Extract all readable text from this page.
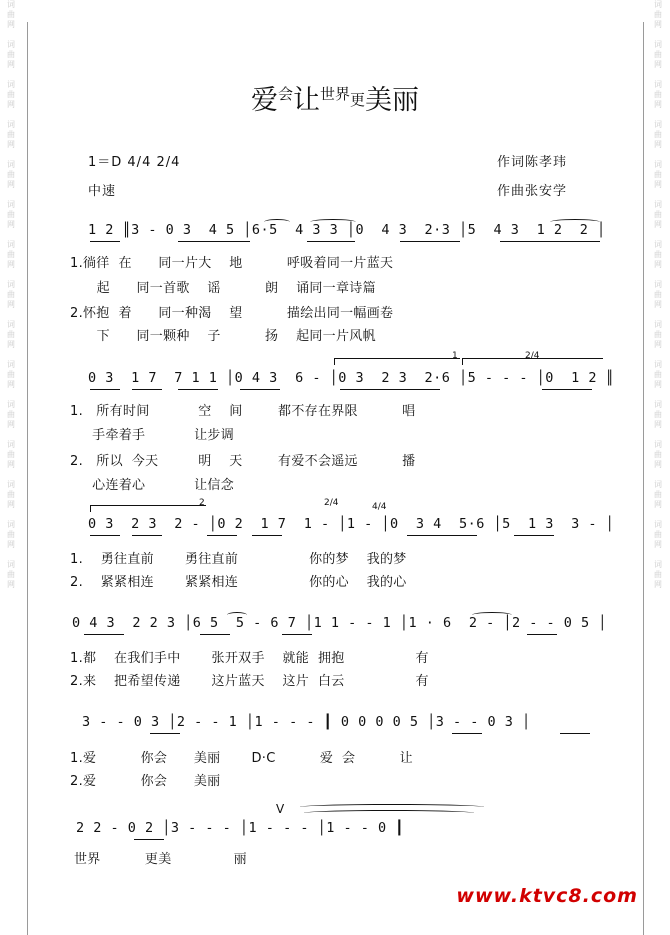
词
曲
网
词
曲
网
词
曲
网
词
曲
网
词
曲
网
词
曲
网
词
曲
网
词
曲
网
词
曲
网
词
曲
网
词
曲
网
词
曲
网
词
曲
网
词
曲
网
词
曲
网
词
曲
网
词
曲
网
词
曲
网
词
曲
网
词
曲
网
词
曲
网
词
曲
网
词
曲
网
词
曲
网
词
曲
网
词
曲
网
词
曲
网
词
曲
网
词
曲
网
词
曲
网
爱会让世界更美丽
1＝D 4/4 2/4
中速
作词陈孝玮
作曲张安学
1 2 ║3 - 0 3  4 5 │6·5  4 3 3 │0  4 3  2·3 │5  4 3  1 2  2 │
1.徜徉  在      同一片大    地          呼吸着同一片蓝天
起      同一首歌    谣          朗    诵同一章诗篇
2.怀抱  着      同一种渴    望          描绘出同一幅画卷
下      同一颗种    子          扬    起同一片风帆
1	2/4
0 3  1 7  7 1 1 │0 4 3  6 - │0 3  2 3  2·6 │5 - - - │0  1 2 ║
1.   所有时间           空    间        都不存在界限          唱
手牵着手           让步调
2.   所以  今天         明    天        有爱不会遥远          播
心连着心           让信念
2	2/4	4/4
0 3  2 3  2 - │0 2  1 7  1 - │1 - │0  3 4  5·6 │5  1 3  3 - │
1.    勇往直前       勇往直前                你的梦    我的梦
2.    紧紧相连       紧紧相连                你的心    我的心
0 4 3  2 2 3 │6 5  5 - 6 7 │1 1 - - 1 │1 · 6  2 - │2 - - 0 5 │
1.都    在我们手中       张开双手    就能  拥抱                有
2.来    把希望传递       这片蓝天    这片  白云                有
3 - - 0 3 │2 - - 1 │1 - - - ┃ 0 0 0 0 5 │3 - - 0 3 │
1.爱          你会      美丽       D·C          爱  会          让
2.爱          你会      美丽
V
2 2 - 0 2 │3 - - - │1 - - - │1 - - 0 ┃
世界          更美              丽
www.ktvc8.com
